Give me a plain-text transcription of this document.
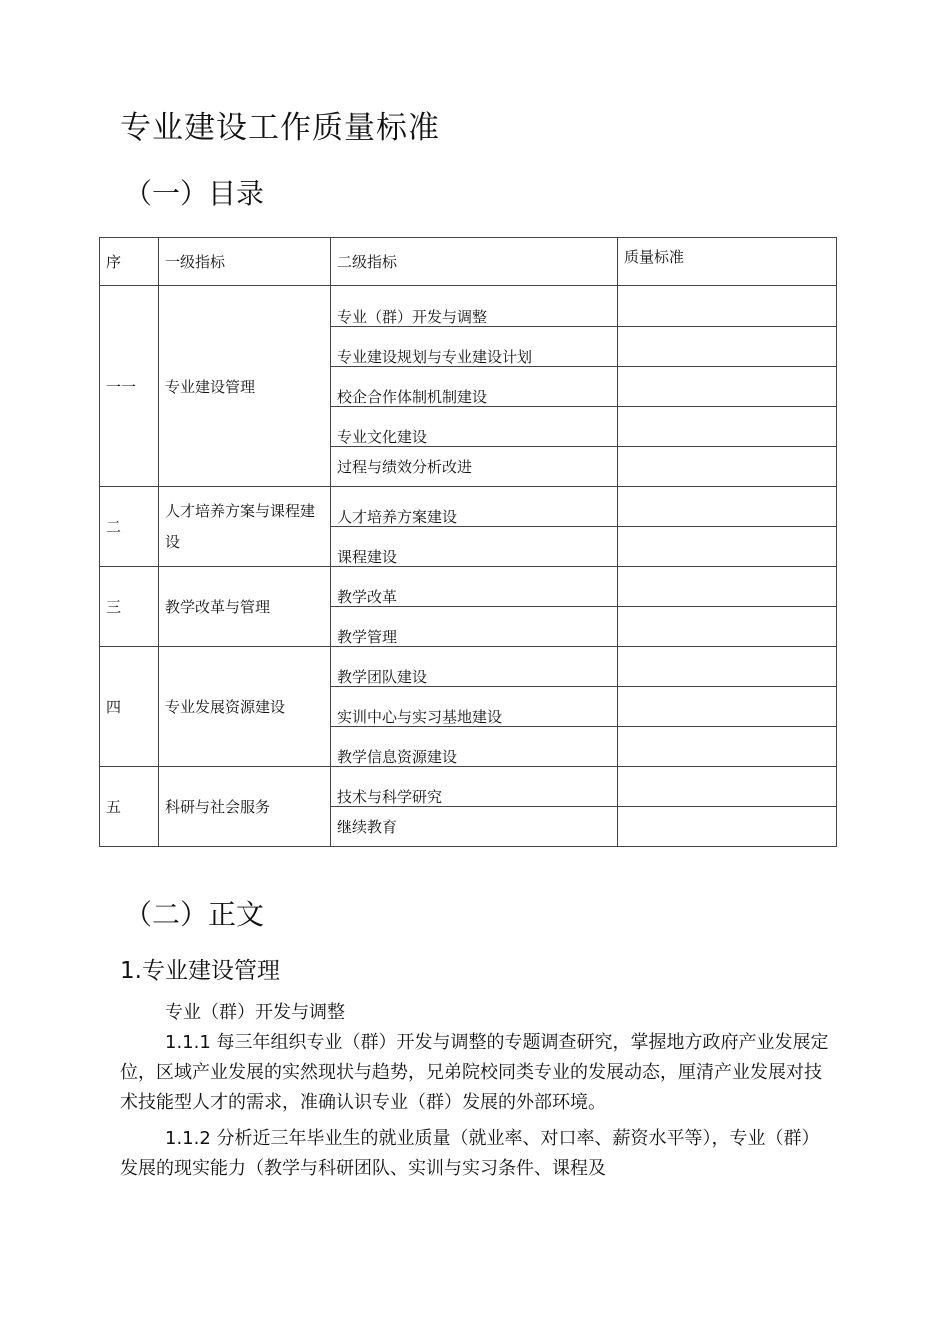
专业建设工作质量标准
（一）目录
序	一级指标	二级指标	质量标准
一一	专业建设管理	专业（群）开发与调整	
		专业建设规划与专业建设计划	
		校企合作体制机制建设	
		专业文化建设	
		过程与绩效分析改进	
二	人才培养方案与课程建设	人才培养方案建设	
		课程建设	
三	教学改革与管理	教学改革	
		教学管理	
四	专业发展资源建设	教学团队建设	
		实训中心与实习基地建设	
		教学信息资源建设	
五	科研与社会服务	技术与科学研究	
		继续教育	
（二）正文
1.专业建设管理
专业（群）开发与调整
1.1.1 每三年组织专业（群）开发与调整的专题调查研究，掌握地方政府产业发展定位，区域产业发展的实然现状与趋势，兄弟院校同类专业的发展动态，厘清产业发展对技术技能型人才的需求，准确认识专业（群）发展的外部环境。
1.1.2 分析近三年毕业生的就业质量（就业率、对口率、薪资水平等），专业（群）发展的现实能力（教学与科研团队、实训与实习条件、课程及
